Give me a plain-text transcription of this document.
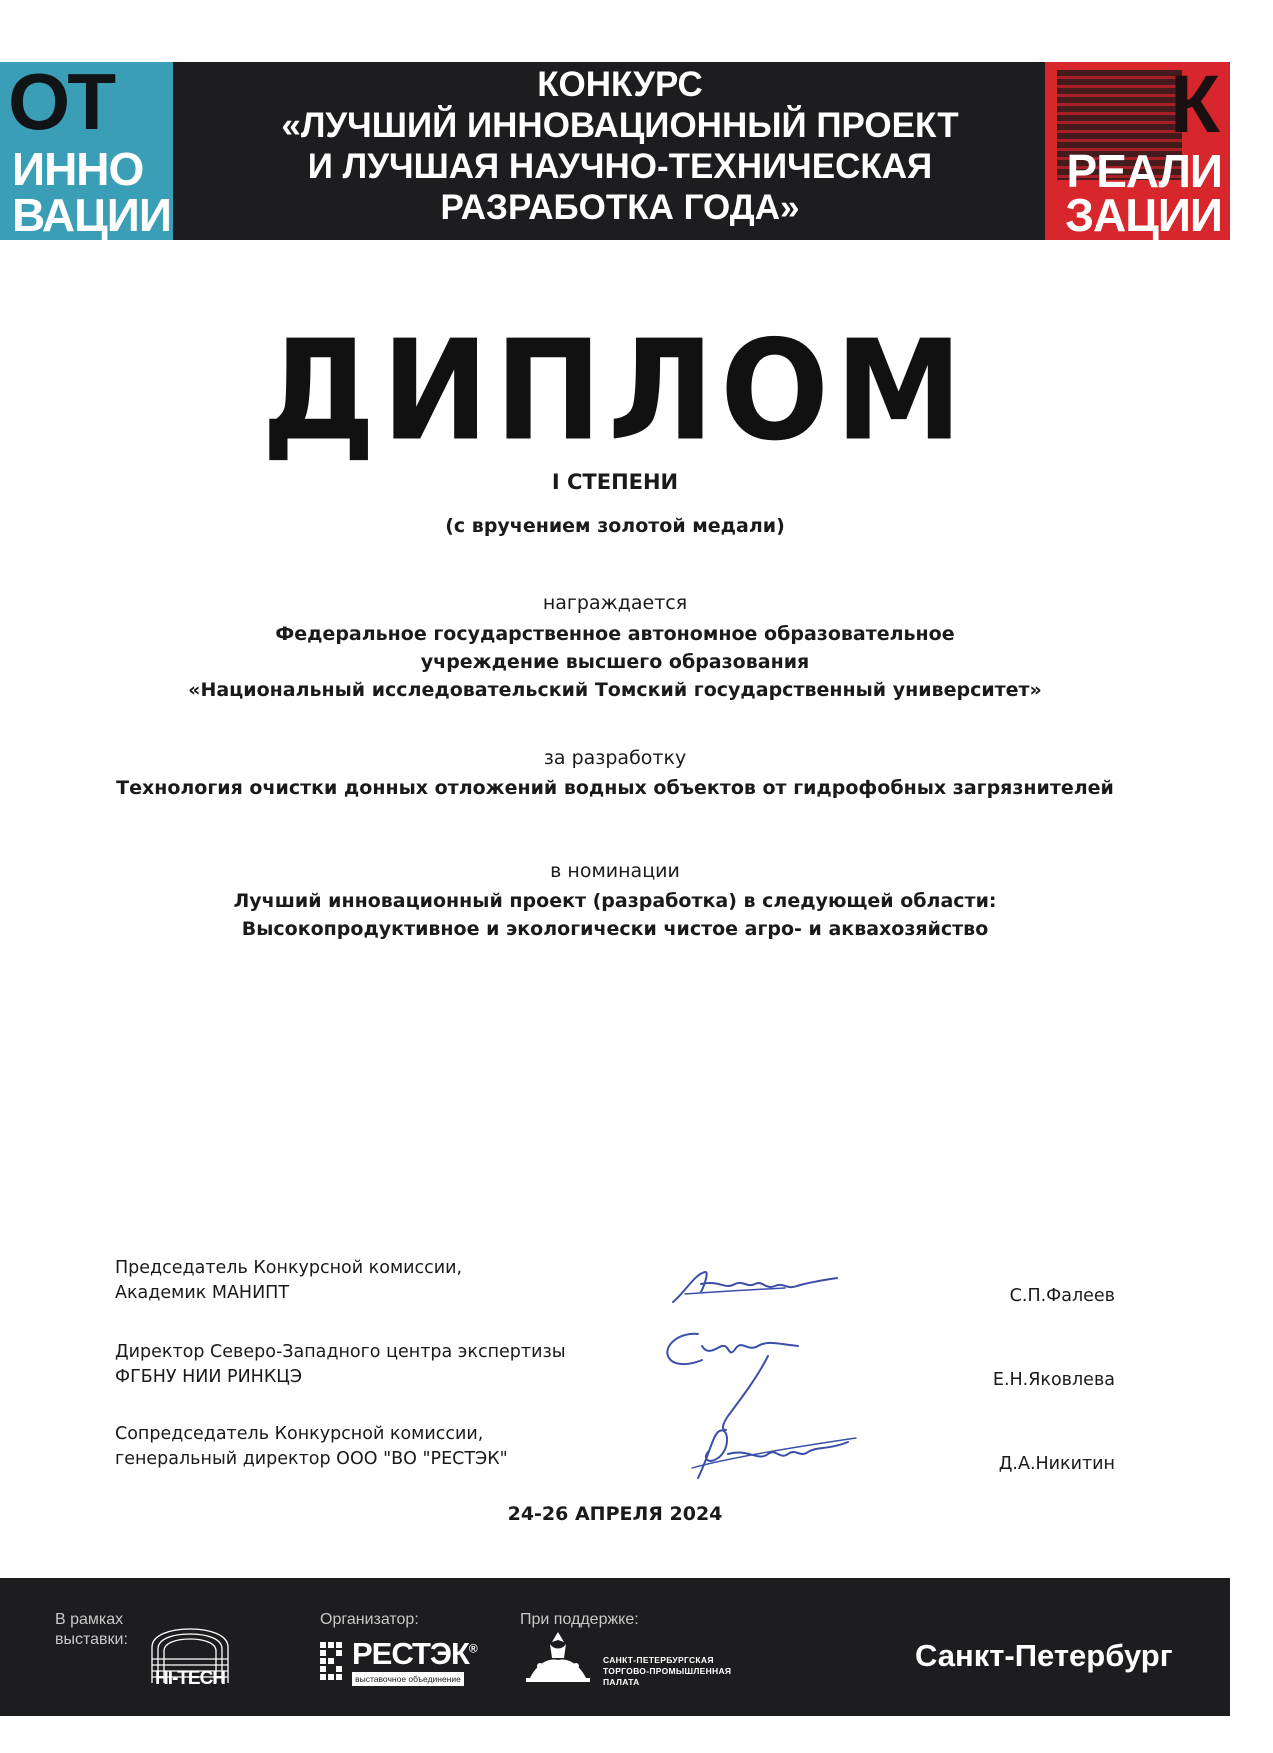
ОТ
ИННО
ВАЦИИ
КОНКУРС
«ЛУЧШИЙ ИННОВАЦИОННЫЙ ПРОЕКТ
И ЛУЧШАЯ НАУЧНО-ТЕХНИЧЕСКАЯ
РАЗРАБОТКА ГОДА»
К
РЕАЛИ
ЗАЦИИ
ДИПЛОМ
I СТЕПЕНИ
(с вручением золотой медали)
награждается
Федеральное государственное автономное образовательное
учреждение высшего образования
«Национальный исследовательский Томский государственный университет»
за разработку
Технология очистки донных отложений водных объектов от гидрофобных загрязнителей
в номинации
Лучший инновационный проект (разработка) в следующей области:
Высокопродуктивное и экологически чистое агро- и аквахозяйство
Председатель Конкурсной комиссии,
Академик МАНИПТ	С.П.Фалеев
Директор Северо-Западного центра экспертизы
ФГБНУ НИИ РИНКЦЭ	Е.Н.Яковлева
Сопредседатель Конкурсной комиссии,
генеральный директор ООО "ВО "РЕСТЭК"	Д.А.Никитин
24-26 АПРЕЛЯ 2024
В рамках
выставки:
HI-TECH
Организатор:
РЕСТЭК®
выставочное объединение
При поддержке:
САНКТ-ПЕТЕРБУРГСКАЯ
ТОРГОВО-ПРОМЫШЛЕННАЯ
ПАЛАТА
Санкт-Петербург
